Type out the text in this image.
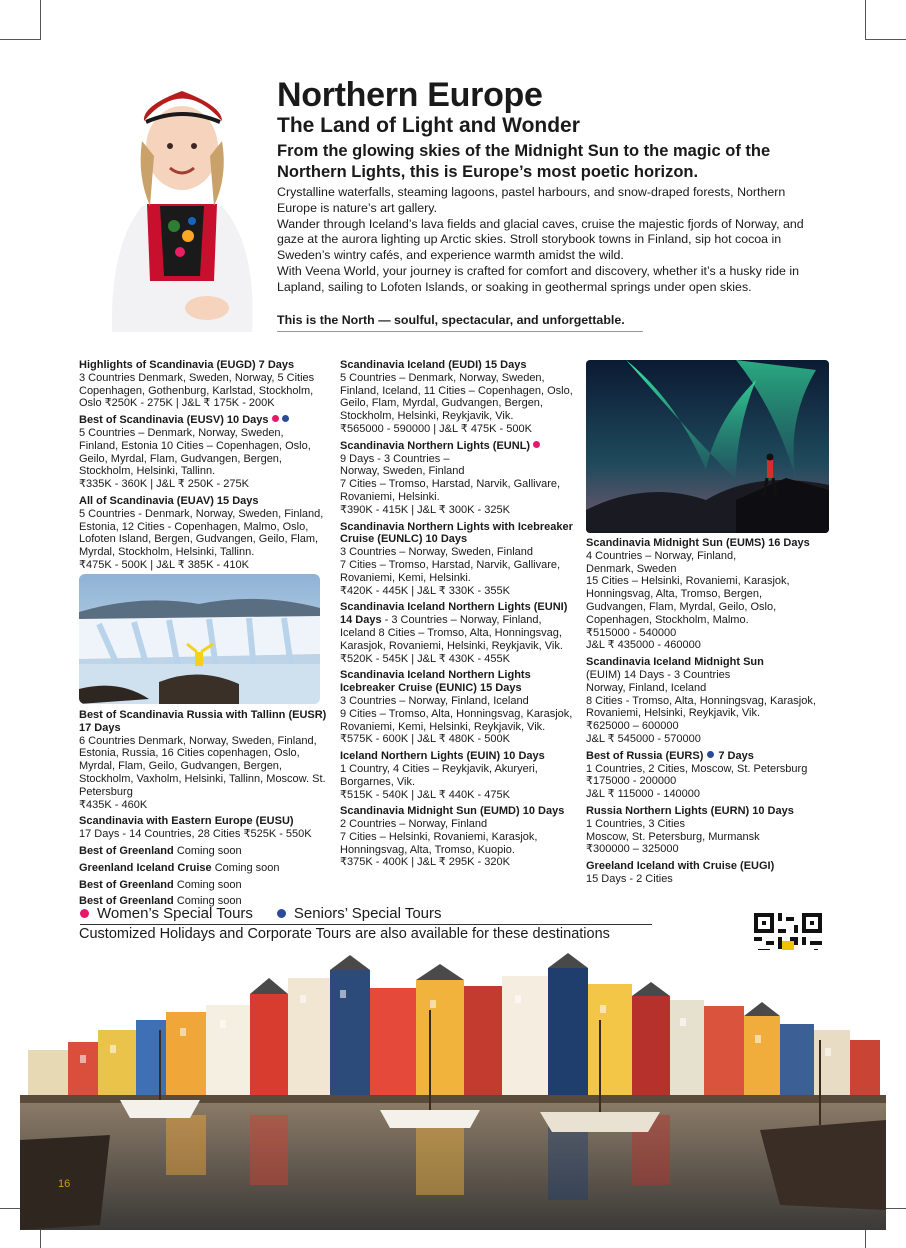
Northern Europe
The Land of Light and Wonder
From the glowing skies of the Midnight Sun to the magic of the Northern Lights, this is Europe’s most poetic horizon.

Crystalline waterfalls, steaming lagoons, pastel harbours, and snow-draped forests, Northern Europe is nature’s art gallery.

Wander through Iceland’s lava fields and glacial caves, cruise the majestic fjords of Norway, and gaze at the aurora lighting up Arctic skies. Stroll storybook towns in Finland, sip hot cocoa in Sweden’s wintry cafés, and experience warmth amidst the wild.

With Veena World, your journey is crafted for comfort and discovery, whether it’s a husky ride in Lapland, sailing to Lofoten Islands, or soaking in geothermal springs under open skies.

This is the North — soulful, spectacular, and unforgettable.
Highlights of Scandinavia (EUGD) 7 Days
3 Countries Denmark, Sweden, Norway, 5 Cities Copenhagen, Gothenburg, Karlstad, Stockholm, Oslo ₹250K - 275K | J&L ₹ 175K - 200K
Best of Scandinavia (EUSV) 10 Days
5 Countries – Denmark, Norway, Sweden, Finland, Estonia 10 Cities – Copenhagen, Oslo, Geilo, Myrdal, Flam, Gudvangen, Bergen, Stockholm, Helsinki, Tallinn.
₹335K - 360K | J&L ₹ 250K - 275K
All of Scandinavia (EUAV) 15 Days
5 Countries - Denmark, Norway, Sweden, Finland, Estonia, 12 Cities - Copenhagen, Malmo, Oslo, Lofoten Island, Bergen, Gudvangen, Geilo, Flam, Myrdal, Stockholm, Helsinki, Tallinn.
₹475K - 500K | J&L ₹ 385K - 410K
Best of Scandinavia Russia with Tallinn (EUSR) 17 Days
6 Countries Denmark, Norway, Sweden, Finland, Estonia, Russia, 16 Cities copenhagen, Oslo, Myrdal, Flam, Geilo, Gudvangen, Bergen, Stockholm, Vaxholm, Helsinki, Tallinn, Moscow. St. Petersburg
₹435K - 460K
Scandinavia with Eastern Europe (EUSU)
17 Days - 14 Countries, 28 Cities ₹525K - 550K
Best of Greenland Coming soon
Greenland Iceland Cruise Coming soon
Best of Greenland Coming soon
Best of Greenland Coming soon
Scandinavia Iceland (EUDI) 15 Days
5 Countries – Denmark, Norway, Sweden, Finland, Iceland, 11 Cities – Copenhagen, Oslo, Geilo, Flam, Myrdal, Gudvangen, Bergen, Stockholm, Helsinki, Reykjavik, Vik.
₹565000 - 590000 | J&L ₹ 475K - 500K
Scandinavia Northern Lights (EUNL)
9 Days - 3 Countries –
Norway, Sweden, Finland
7 Cities – Tromso, Harstad, Narvik, Gallivare, Rovaniemi, Helsinki.
₹390K - 415K | J&L ₹ 300K - 325K
Scandinavia Northern Lights with Icebreaker Cruise (EUNLC) 10 Days
3 Countries – Norway, Sweden, Finland
7 Cities – Tromso, Harstad, Narvik, Gallivare, Rovaniemi, Kemi, Helsinki.
₹420K - 445K | J&L ₹ 330K - 355K
Scandinavia Iceland Northern Lights (EUNI) 14 Days - 3 Countries – Norway, Finland, Iceland 8 Cities – Tromso, Alta, Honningsvag, Karasjok, Rovaniemi, Helsinki, Reykjavik, Vik.
₹520K - 545K | J&L ₹ 430K - 455K
Scandinavia Iceland Northern Lights Icebreaker Cruise (EUNIC) 15 Days
3 Countries – Norway, Finland, Iceland
9 Cities – Tromso, Alta, Honningsvag, Karasjok, Rovaniemi, Kemi, Helsinki, Reykjavik, Vik.
₹575K - 600K | J&L ₹ 480K - 500K
Iceland Northern Lights (EUIN) 10 Days
1 Country, 4 Cities – Reykjavik, Akuryeri, Borgarnes, Vik.
₹515K - 540K | J&L ₹ 440K - 475K
Scandinavia Midnight Sun (EUMD) 10 Days
2 Countries – Norway, Finland
7 Cities – Helsinki, Rovaniemi, Karasjok, Honningsvag, Alta, Tromso, Kuopio.
₹375K - 400K | J&L ₹ 295K - 320K
Scandinavia Midnight Sun (EUMS) 16 Days
4 Countries – Norway, Finland,
Denmark, Sweden
15 Cities – Helsinki, Rovaniemi, Karasjok, Honningsvag, Alta, Tromso, Bergen, Gudvangen, Flam, Myrdal, Geilo, Oslo, Copenhagen, Stockholm, Malmo.
₹515000 - 540000
J&L ₹ 435000 - 460000
Scandinavia Iceland Midnight Sun
(EUIM) 14 Days - 3 Countries
Norway, Finland, Iceland
8 Cities - Tromso, Alta, Honningsvag, Karasjok, Rovaniemi, Helsinki, Reykjavik, Vik.
₹625000 – 600000
J&L ₹ 545000 - 570000
Best of Russia (EURS) 7 Days
1 Countries, 2 Cities, Moscow, St. Petersburg
₹175000 - 200000
J&L ₹ 115000 - 140000
Russia Northern Lights (EURN) 10 Days
1 Countries, 3 Cities
Moscow, St. Petersburg, Murmansk
₹300000 – 325000
Greeland Iceland with Cruise (EUGI)
15 Days - 2 Cities
Women’s Special Tours	Seniors’ Special Tours
Customized Holidays and Corporate Tours are also available for these destinations
16
